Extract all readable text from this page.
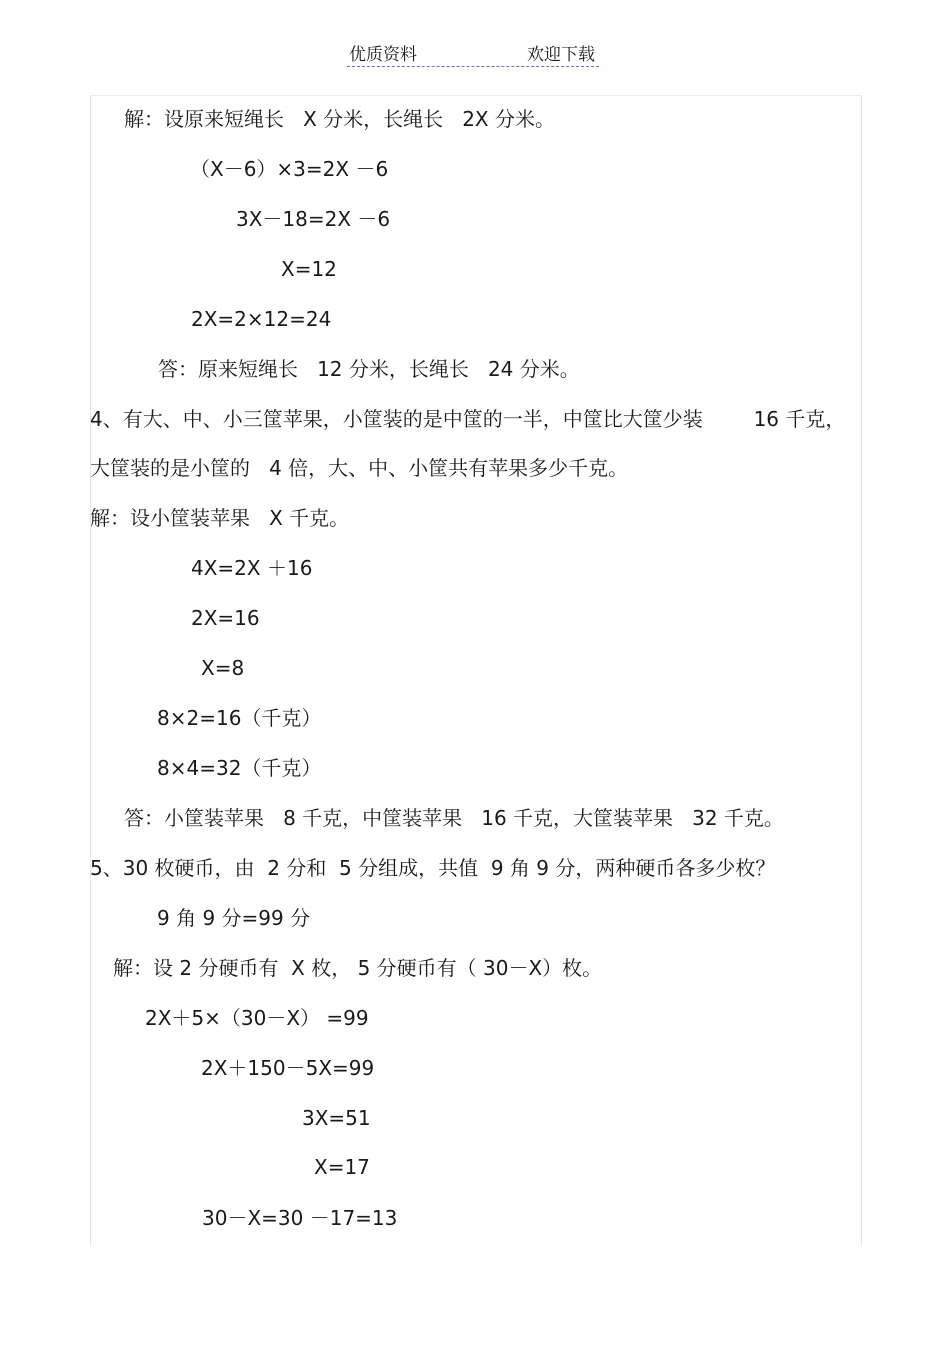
优质资料	欢迎下载
解：设原来短绳长   X 分米，长绳长   2X 分米。
（X－6）×3=2X －6
3X－18=2X －6
X=12
2X=2×12=24
答：原来短绳长   12 分米，长绳长   24 分米。
4、有大、中、小三筐苹果，小筐装的是中筐的一半，中筐比大筐少装        16 千克，
大筐装的是小筐的   4 倍，大、中、小筐共有苹果多少千克。
解：设小筐装苹果   X 千克。
4X=2X ＋16
2X=16
X=8
8×2=16（千克）
8×4=32（千克）
答：小筐装苹果   8 千克，中筐装苹果   16 千克，大筐装苹果   32 千克。
5、30 枚硬币，由  2 分和  5 分组成，共值  9 角 9 分，两种硬币各多少枚？
9 角 9 分=99 分
解：设 2 分硬币有  X 枚， 5 分硬币有（ 30－X）枚。
2X＋5×（30－X） =99
2X＋150－5X=99
3X=51
X=17
30－X=30 －17=13
